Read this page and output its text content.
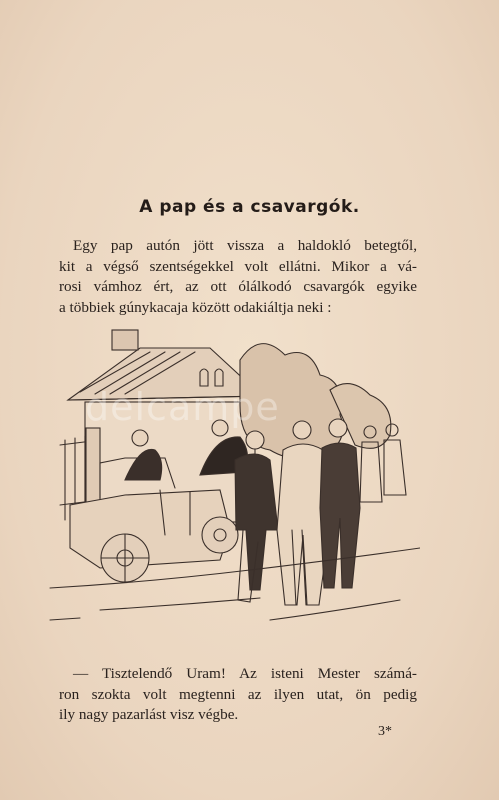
A pap és a csavargók.
Egy pap autón jött vissza a haldokló betegtől,
kit a végső szentségekkel volt ellátni. Mikor a vá-
rosi vámhoz ért, az ott ólálkodó csavargók egyike
a többiek gúnykacaja között odakiáltja neki :
delcampe
— Tisztelendő Uram! Az isteni Mester számá-
ron szokta volt megtenni az ilyen utat, ön pedig
ily nagy pazarlást visz végbe.
3*
